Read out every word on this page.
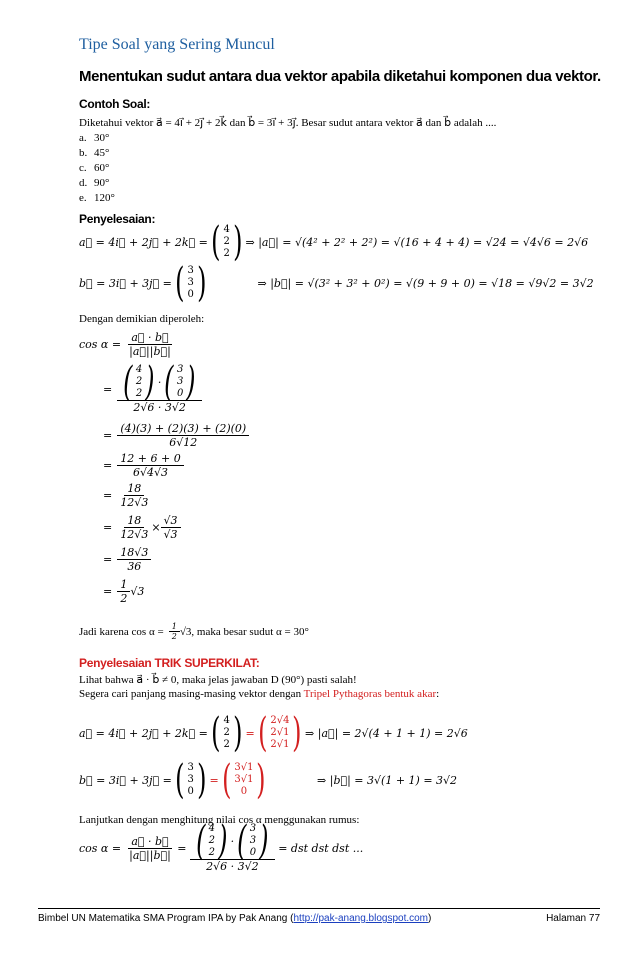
Tipe Soal yang Sering Muncul
Menentukan sudut antara dua vektor apabila diketahui komponen dua vektor.
Contoh Soal:
Diketahui vektor a⃗ = 4i⃗ + 2j⃗ + 2k⃗ dan b⃗ = 3i⃗ + 3j⃗. Besar sudut antara vektor a⃗ dan b⃗ adalah ....
a. 30°
b. 45°
c. 60°
d. 90°
e. 120°
Penyelesaian:
a⃗ = 4i⃗ + 2j⃗ + 2k⃗ = ( 4
2
2 ) ⇒ |a⃗| = √(4² + 2² + 2²) = √(16 + 4 + 4) = √24 = √4√6 = 2√6
b⃗ = 3i⃗ + 3j⃗ = ( 3
3
0 )	⇒ |b⃗| = √(3² + 3² + 0²) = √(9 + 9 + 0) = √18 = √9√2 = 3√2
Dengan demikian diperoleh:
cos α =
$\frac{a⃗ \cdot b⃗}{|a⃗||b⃗|}$
=
( 4
2
2 ) · ( 3
3
0 )
2√6 · 3√2
=
$\frac{(4)(3) + (2)(3) + (2)(0)}{6√12}$
=
$\frac{12 + 6 + 0}{6√4√3}$
=
$\frac{18}{12√3}$
=
$\frac{18}{12√3} \times \frac{√3}{√3}$
=
$\frac{18√3}{36}$
=
$\frac{1}{2} √3$
Jadi karena cos α =
$\frac{1}{2} √3$, maka besar sudut α = 30°
Penyelesaian TRIK SUPERKILAT:
Lihat bahwa a⃗ · b⃗ ≠ 0, maka jelas jawaban D (90°) pasti salah!
Segera cari panjang masing-masing vektor dengan Tripel Pythagoras bentuk akar:
a⃗ = 4i⃗ + 2j⃗ + 2k⃗ = ( 4
2
2 ) = ( 2√4
2√1
2√1 ) ⇒ |a⃗| = 2√(4 + 1 + 1) = 2√6
b⃗ = 3i⃗ + 3j⃗ = ( 3
3
0 ) = ( 3√1
3√1
0 )	⇒ |b⃗| = 3√(1 + 1) = 3√2
Lanjutkan dengan menghitung nilai cos α menggunakan rumus:
cos α =
$\frac{a⃗ \cdot b⃗}{|a⃗||b⃗|}$ = ( 4
2
2 ) · ( 3
3
0 )
2√6 · 3√2
= dst dst dst ...
Bimbel UN Matematika SMA Program IPA by Pak Anang (http://pak-anang.blogspot.com)	Halaman 77
